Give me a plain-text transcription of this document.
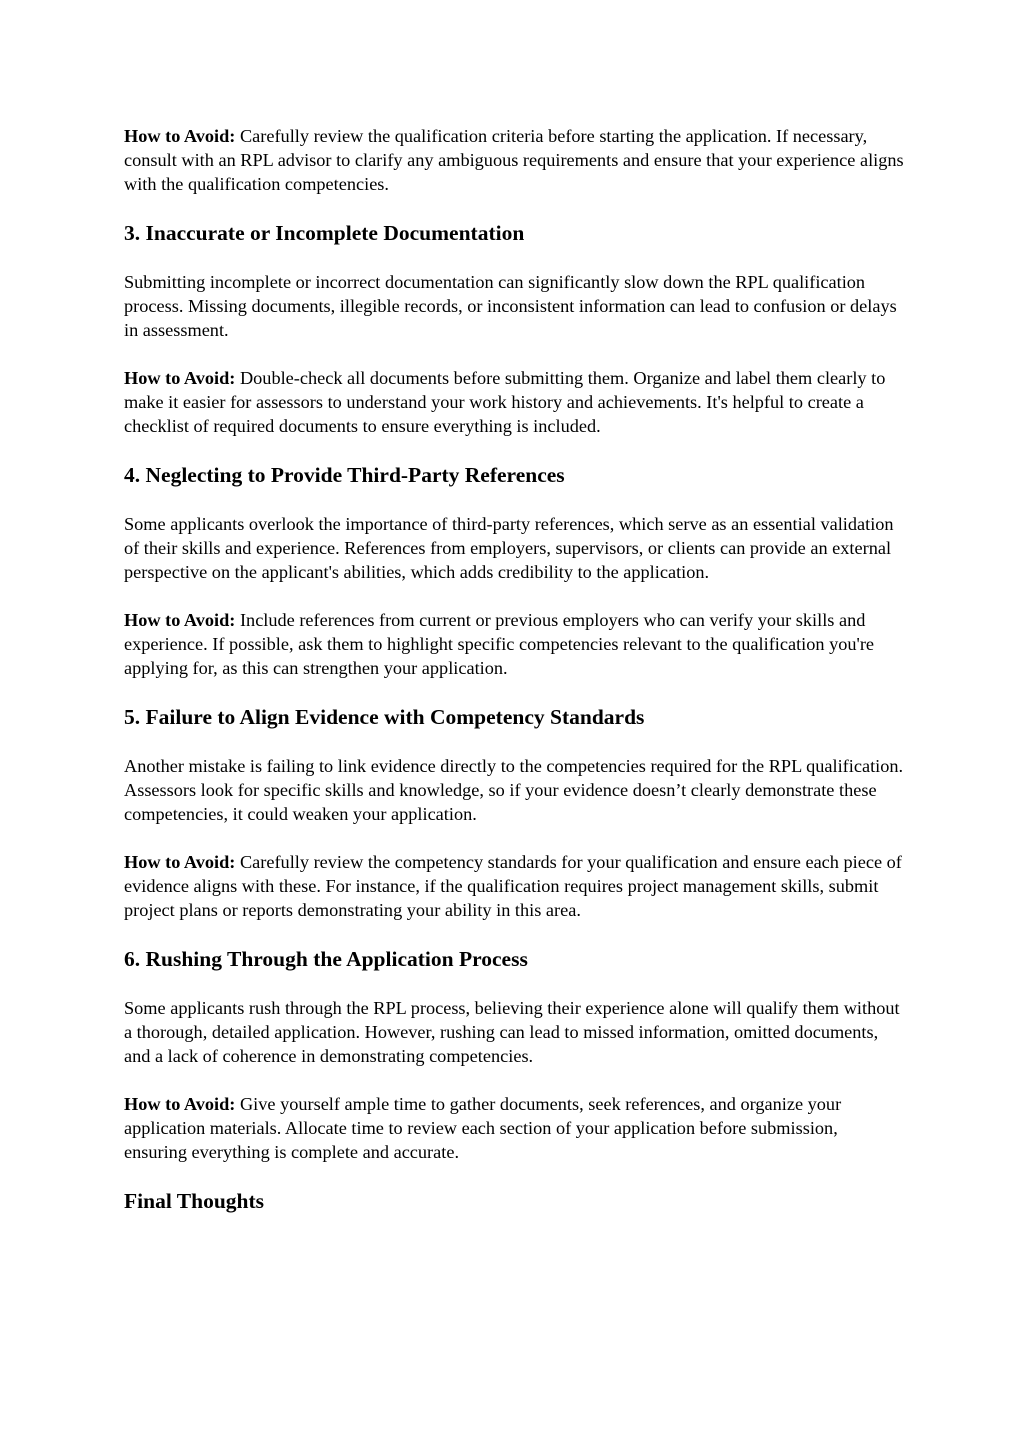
How to Avoid: Carefully review the qualification criteria before starting the application. If necessary, consult with an RPL advisor to clarify any ambiguous requirements and ensure that your experience aligns with the qualification competencies.

3. Inaccurate or Incomplete Documentation

Submitting incomplete or incorrect documentation can significantly slow down the RPL qualification process. Missing documents, illegible records, or inconsistent information can lead to confusion or delays in assessment.

How to Avoid: Double-check all documents before submitting them. Organize and label them clearly to make it easier for assessors to understand your work history and achievements. It's helpful to create a checklist of required documents to ensure everything is included.

4. Neglecting to Provide Third-Party References

Some applicants overlook the importance of third-party references, which serve as an essential validation of their skills and experience. References from employers, supervisors, or clients can provide an external perspective on the applicant's abilities, which adds credibility to the application.

How to Avoid: Include references from current or previous employers who can verify your skills and experience. If possible, ask them to highlight specific competencies relevant to the qualification you're applying for, as this can strengthen your application.

5. Failure to Align Evidence with Competency Standards

Another mistake is failing to link evidence directly to the competencies required for the RPL qualification. Assessors look for specific skills and knowledge, so if your evidence doesn’t clearly demonstrate these competencies, it could weaken your application.

How to Avoid: Carefully review the competency standards for your qualification and ensure each piece of evidence aligns with these. For instance, if the qualification requires project management skills, submit project plans or reports demonstrating your ability in this area.

6. Rushing Through the Application Process

Some applicants rush through the RPL process, believing their experience alone will qualify them without a thorough, detailed application. However, rushing can lead to missed information, omitted documents, and a lack of coherence in demonstrating competencies.

How to Avoid: Give yourself ample time to gather documents, seek references, and organize your application materials. Allocate time to review each section of your application before submission, ensuring everything is complete and accurate.

Final Thoughts
